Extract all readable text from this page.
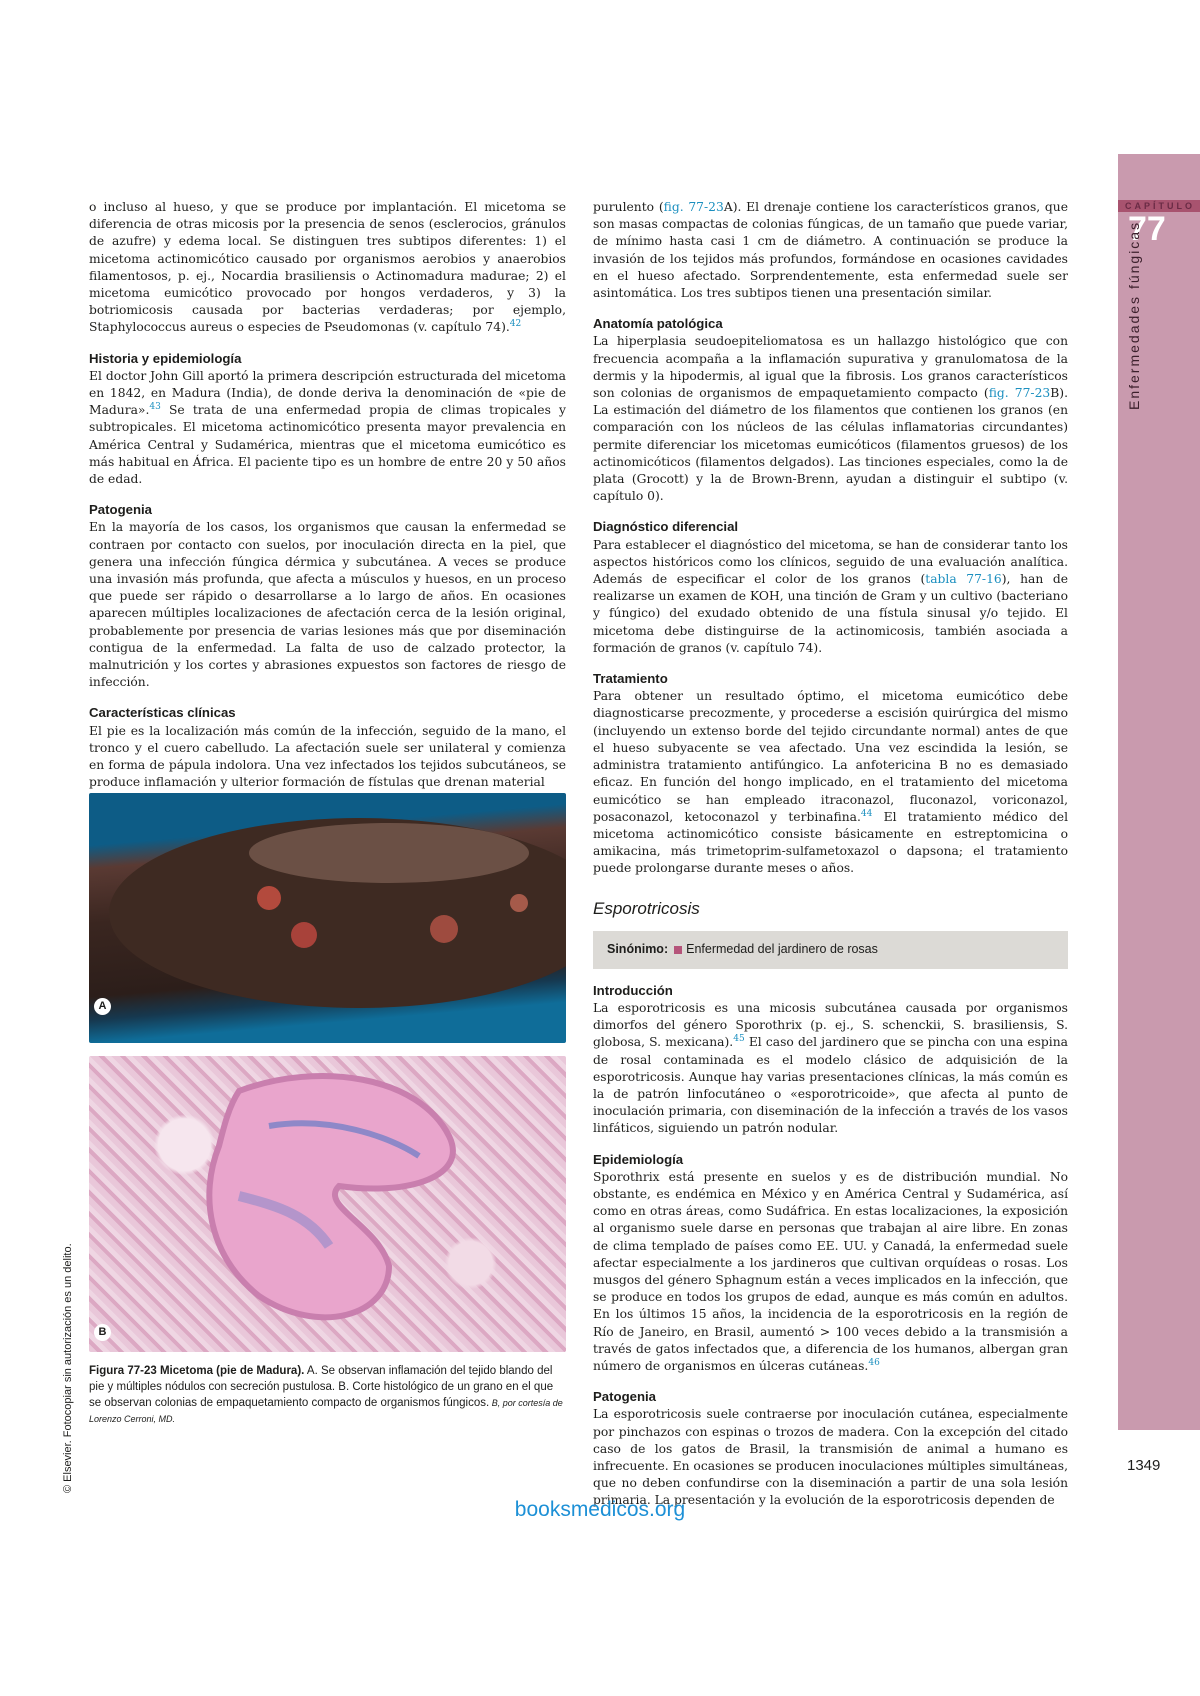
CAPÍTULO
77
Enfermedades fúngicas
1349

o incluso al hueso, y que se produce por implantación. El micetoma se diferencia de otras micosis por la presencia de senos (esclerocios, gránulos de azufre) y edema local. Se distinguen tres subtipos diferentes: 1) el micetoma actinomicótico causado por organismos aerobios y anaerobios filamentosos, p. ej., Nocardia brasiliensis o Actinomadura madurae; 2) el micetoma eumicótico provocado por hongos verdaderos, y 3) la botriomicosis causada por bacterias verdaderas; por ejemplo, Staphylococcus aureus o especies de Pseudomonas (v. capítulo 74).$^{42}$

Historia y epidemiología

El doctor John Gill aportó la primera descripción estructurada del micetoma en 1842, en Madura (India), de donde deriva la denominación de «pie de Madura».$^{43}$ Se trata de una enfermedad propia de climas tropicales y subtropicales. El micetoma actinomicótico presenta mayor prevalencia en América Central y Sudamérica, mientras que el micetoma eumicótico es más habitual en África. El paciente tipo es un hombre de entre 20 y 50 años de edad.

Patogenia

En la mayoría de los casos, los organismos que causan la enfermedad se contraen por contacto con suelos, por inoculación directa en la piel, que genera una infección fúngica dérmica y subcutánea. A veces se produce una invasión más profunda, que afecta a músculos y huesos, en un proceso que puede ser rápido o desarrollarse a lo largo de años. En ocasiones aparecen múltiples localizaciones de afectación cerca de la lesión original, probablemente por presencia de varias lesiones más que por diseminación contigua de la enfermedad. La falta de uso de calzado protector, la malnutrición y los cortes y abrasiones expuestos son factores de riesgo de infección.

Características clínicas

El pie es la localización más común de la infección, seguido de la mano, el tronco y el cuero cabelludo. La afectación suele ser unilateral y comienza en forma de pápula indolora. Una vez infectados los tejidos subcutáneos, se produce inflamación y ulterior formación de fístulas que drenan material

A
B
Figura 77-23 Micetoma (pie de Madura). A. Se observan inflamación del tejido blando del pie y múltiples nódulos con secreción pustulosa. B. Corte histológico de un grano en el que se observan colonias de empaquetamiento compacto de organismos fúngicos. B, por cortesía de Lorenzo Cerroni, MD.

purulento (fig. 77-23A). El drenaje contiene los característicos granos, que son masas compactas de colonias fúngicas, de un tamaño que puede variar, de mínimo hasta casi 1 cm de diámetro. A continuación se produce la invasión de los tejidos más profundos, formándose en ocasiones cavidades en el hueso afectado. Sorprendentemente, esta enfermedad suele ser asintomática. Los tres subtipos tienen una presentación similar.

Anatomía patológica

La hiperplasia seudoepiteliomatosa es un hallazgo histológico que con frecuencia acompaña a la inflamación supurativa y granulomatosa de la dermis y la hipodermis, al igual que la fibrosis. Los granos característicos son colonias de organismos de empaquetamiento compacto (fig. 77-23B). La estimación del diámetro de los filamentos que contienen los granos (en comparación con los núcleos de las células inflamatorias circundantes) permite diferenciar los micetomas eumicóticos (filamentos gruesos) de los actinomicóticos (filamentos delgados). Las tinciones especiales, como la de plata (Grocott) y la de Brown-Brenn, ayudan a distinguir el subtipo (v. capítulo 0).

Diagnóstico diferencial

Para establecer el diagnóstico del micetoma, se han de considerar tanto los aspectos históricos como los clínicos, seguido de una evaluación analítica. Además de especificar el color de los granos (tabla 77-16), han de realizarse un examen de KOH, una tinción de Gram y un cultivo (bacteriano y fúngico) del exudado obtenido de una fístula sinusal y/o tejido. El micetoma debe distinguirse de la actinomicosis, también asociada a formación de granos (v. capítulo 74).

Tratamiento

Para obtener un resultado óptimo, el micetoma eumicótico debe diagnosticarse precozmente, y procederse a escisión quirúrgica del mismo (incluyendo un extenso borde del tejido circundante normal) antes de que el hueso subyacente se vea afectado. Una vez escindida la lesión, se administra tratamiento antifúngico. La anfotericina B no es demasiado eficaz. En función del hongo implicado, en el tratamiento del micetoma eumicótico se han empleado itraconazol, fluconazol, voriconazol, posaconazol, ketoconazol y terbinafina.$^{44}$ El tratamiento médico del micetoma actinomicótico consiste básicamente en estreptomicina o amikacina, más trimetoprim-sulfametoxazol o dapsona; el tratamiento puede prolongarse durante meses o años.

Esporotricosis
Sinónimo: Enfermedad del jardinero de rosas
Introducción

La esporotricosis es una micosis subcutánea causada por organismos dimorfos del género Sporothrix (p. ej., S. schenckii, S. brasiliensis, S. globosa, S. mexicana).$^{45}$ El caso del jardinero que se pincha con una espina de rosal contaminada es el modelo clásico de adquisición de la esporotricosis. Aunque hay varias presentaciones clínicas, la más común es la de patrón linfocutáneo o «esporotricoide», que afecta al punto de inoculación primaria, con diseminación de la infección a través de los vasos linfáticos, siguiendo un patrón nodular.

Epidemiología

Sporothrix está presente en suelos y es de distribución mundial. No obstante, es endémica en México y en América Central y Sudamérica, así como en otras áreas, como Sudáfrica. En estas localizaciones, la exposición al organismo suele darse en personas que trabajan al aire libre. En zonas de clima templado de países como EE. UU. y Canadá, la enfermedad suele afectar especialmente a los jardineros que cultivan orquídeas o rosas. Los musgos del género Sphagnum están a veces implicados en la infección, que se produce en todos los grupos de edad, aunque es más común en adultos. En los últimos 15 años, la incidencia de la esporotricosis en la región de Río de Janeiro, en Brasil, aumentó > 100 veces debido a la transmisión a través de gatos infectados que, a diferencia de los humanos, albergan gran número de organismos en úlceras cutáneas.$^{46}$

Patogenia

La esporotricosis suele contraerse por inoculación cutánea, especialmente por pinchazos con espinas o trozos de madera. Con la excepción del citado caso de los gatos de Brasil, la transmisión de animal a humano es infrecuente. En ocasiones se producen inoculaciones múltiples simultáneas, que no deben confundirse con la diseminación a partir de una sola lesión primaria. La presentación y la evolución de la esporotricosis dependen de

© Elsevier. Fotocopiar sin autorización es un delito.
booksmedicos.org
